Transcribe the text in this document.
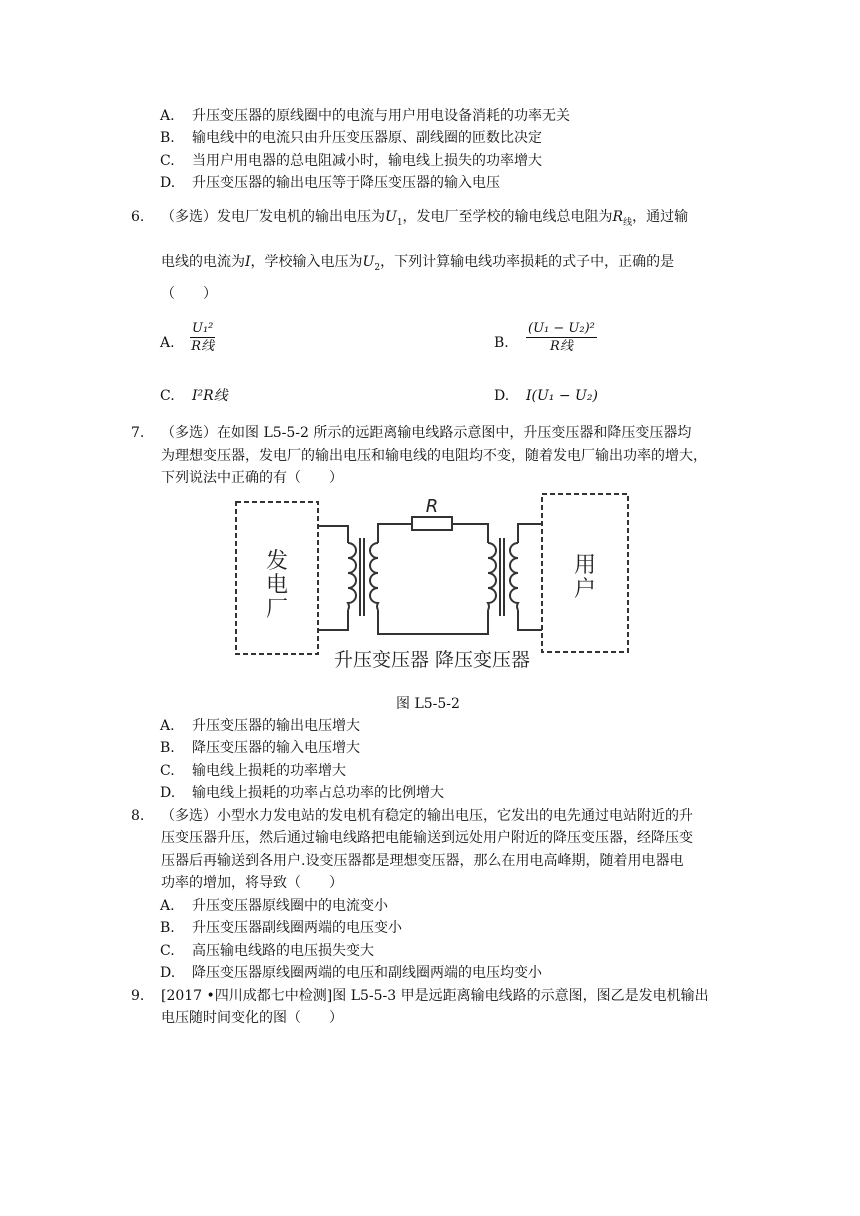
A. 升压变压器的原线圈中的电流与用户用电设备消耗的功率无关
B. 输电线中的电流只由升压变压器原、副线圈的匝数比决定
C. 当用户用电器的总电阻减小时，输电线上损失的功率增大
D. 升压变压器的输出电压等于降压变压器的输入电压
6. （多选）发电厂发电机的输出电压为$U_1$，发电厂至学校的输电线总电阻为$R_线$，通过输
电线的电流为I，学校输入电压为$U_2$，下列计算输电线功率损耗的式子中，正确的是
（　　）
A.
U₁²
R线	B.
(U₁ − U₂)²
R线
C. I²R线	D. I(U₁ − U₂)
7. （多选）在如图 L5-5-2 所示的远距离输电线路示意图中，升压变压器和降压变压器均
为理想变压器，发电厂的输出电压和输电线的电阻均不变，随着发电厂输出功率的增大，
下列说法中正确的有（　　）
R
发
电
厂
用
户
升压变压器 降压变压器
图 L5-5-2
A. 升压变压器的输出电压增大
B. 降压变压器的输入电压增大
C. 输电线上损耗的功率增大
D. 输电线上损耗的功率占总功率的比例增大
8. （多选）小型水力发电站的发电机有稳定的输出电压，它发出的电先通过电站附近的升
压变压器升压，然后通过输电线路把电能输送到远处用户附近的降压变压器，经降压变
压器后再输送到各用户.设变压器都是理想变压器，那么在用电高峰期，随着用电器电
功率的增加，将导致（　　）
A. 升压变压器原线圈中的电流变小
B. 升压变压器副线圈两端的电压变小
C. 高压输电线路的电压损失变大
D. 降压变压器原线圈两端的电压和副线圈两端的电压均变小
9. [2017 •四川成都七中检测]图 L5-5-3 甲是远距离输电线路的示意图，图乙是发电机输出
电压随时间变化的图（　　）
